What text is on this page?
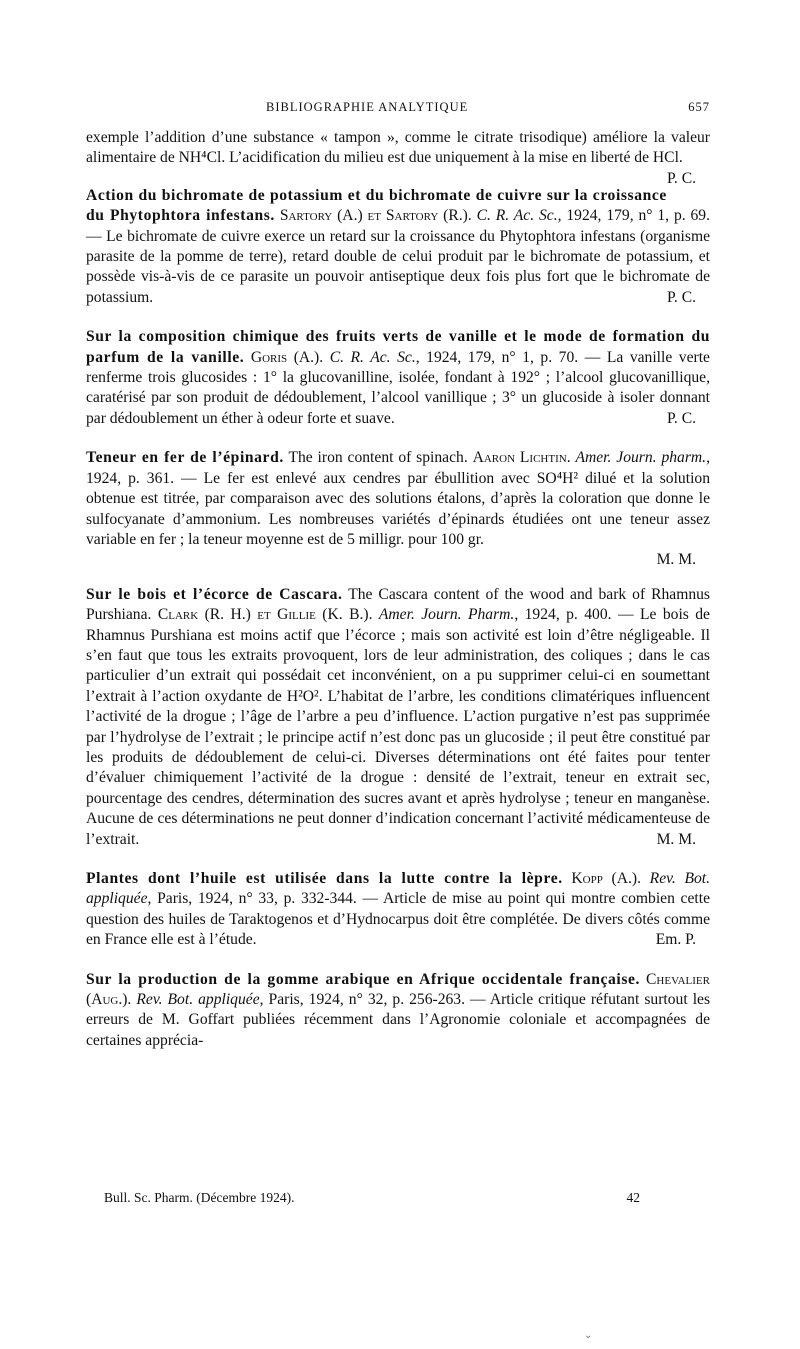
BIBLIOGRAPHIE ANALYTIQUE	657

exemple l’addition d’une substance « tampon », comme le citrate trisodique) améliore la valeur alimentaire de NH⁴Cl. L’acidification du milieu est due uniquement à la mise en liberté de HCl.
P. C.

Action du bichromate de potassium et du bichromate de cuivre sur la croissance du Phytophtora infestans. Sartory (A.) et Sartory (R.). C. R. Ac. Sc., 1924, 179, n° 1, p. 69. — Le bichromate de cuivre exerce un retard sur la croissance du Phytophtora infestans (organisme parasite de la pomme de terre), retard double de celui produit par le bichromate de potassium, et possède vis-à-vis de ce parasite un pouvoir antiseptique deux fois plus fort que le bichromate de potassium.	P. C.

Sur la composition chimique des fruits verts de vanille et le mode de formation du parfum de la vanille. Goris (A.). C. R. Ac. Sc., 1924, 179, n° 1, p. 70. — La vanille verte renferme trois glucosides : 1° la glucovanilline, isolée, fondant à 192° ; l’alcool glucovanillique, caratérisé par son produit de dédoublement, l’alcool vanillique ; 3° un glucoside à isoler donnant par dédoublement un éther à odeur forte et suave.	P. C.

Teneur en fer de l’épinard. The iron content of spinach. Aaron Lichtin. Amer. Journ. pharm., 1924, p. 361. — Le fer est enlevé aux cendres par ébullition avec SO⁴H² dilué et la solution obtenue est titrée, par comparaison avec des solutions étalons, d’après la coloration que donne le sulfocyanate d’ammonium. Les nombreuses variétés d’épinards étudiées ont une teneur assez variable en fer ; la teneur moyenne est de 5 milligr. pour 100 gr.
M. M.

Sur le bois et l’écorce de Cascara. The Cascara content of the wood and bark of Rhamnus Purshiana. Clark (R. H.) et Gillie (K. B.). Amer. Journ. Pharm., 1924, p. 400. — Le bois de Rhamnus Purshiana est moins actif que l’écorce ; mais son activité est loin d’être négligeable. Il s’en faut que tous les extraits provoquent, lors de leur administration, des coliques ; dans le cas particulier d’un extrait qui possédait cet inconvénient, on a pu supprimer celui-ci en soumettant l’extrait à l’action oxydante de H²O². L’habitat de l’arbre, les conditions climatériques influencent l’activité de la drogue ; l’âge de l’arbre a peu d’influence. L’action purgative n’est pas supprimée par l’hydrolyse de l’extrait ; le principe actif n’est donc pas un glucoside ; il peut être constitué par les produits de dédoublement de celui-ci. Diverses déterminations ont été faites pour tenter d’évaluer chimiquement l’activité de la drogue : densité de l’extrait, teneur en extrait sec, pourcentage des cendres, détermination des sucres avant et après hydrolyse ; teneur en manganèse. Aucune de ces déterminations ne peut donner d’indication concernant l’activité médicamenteuse de l’extrait.	M. M.

Plantes dont l’huile est utilisée dans la lutte contre la lèpre. Kopp (A.). Rev. Bot. appliquée, Paris, 1924, n° 33, p. 332-344. — Article de mise au point qui montre combien cette question des huiles de Taraktogenos et d’Hydnocarpus doit être complétée. De divers côtés comme en France elle est à l’étude.	Em. P.

Sur la production de la gomme arabique en Afrique occidentale française. Chevalier (Aug.). Rev. Bot. appliquée, Paris, 1924, n° 32, p. 256-263. — Article critique réfutant surtout les erreurs de M. Goffart publiées récemment dans l’Agronomie coloniale et accompagnées de certaines apprécia-

Bull. Sc. Pharm. (Décembre 1924).	42
⌄
